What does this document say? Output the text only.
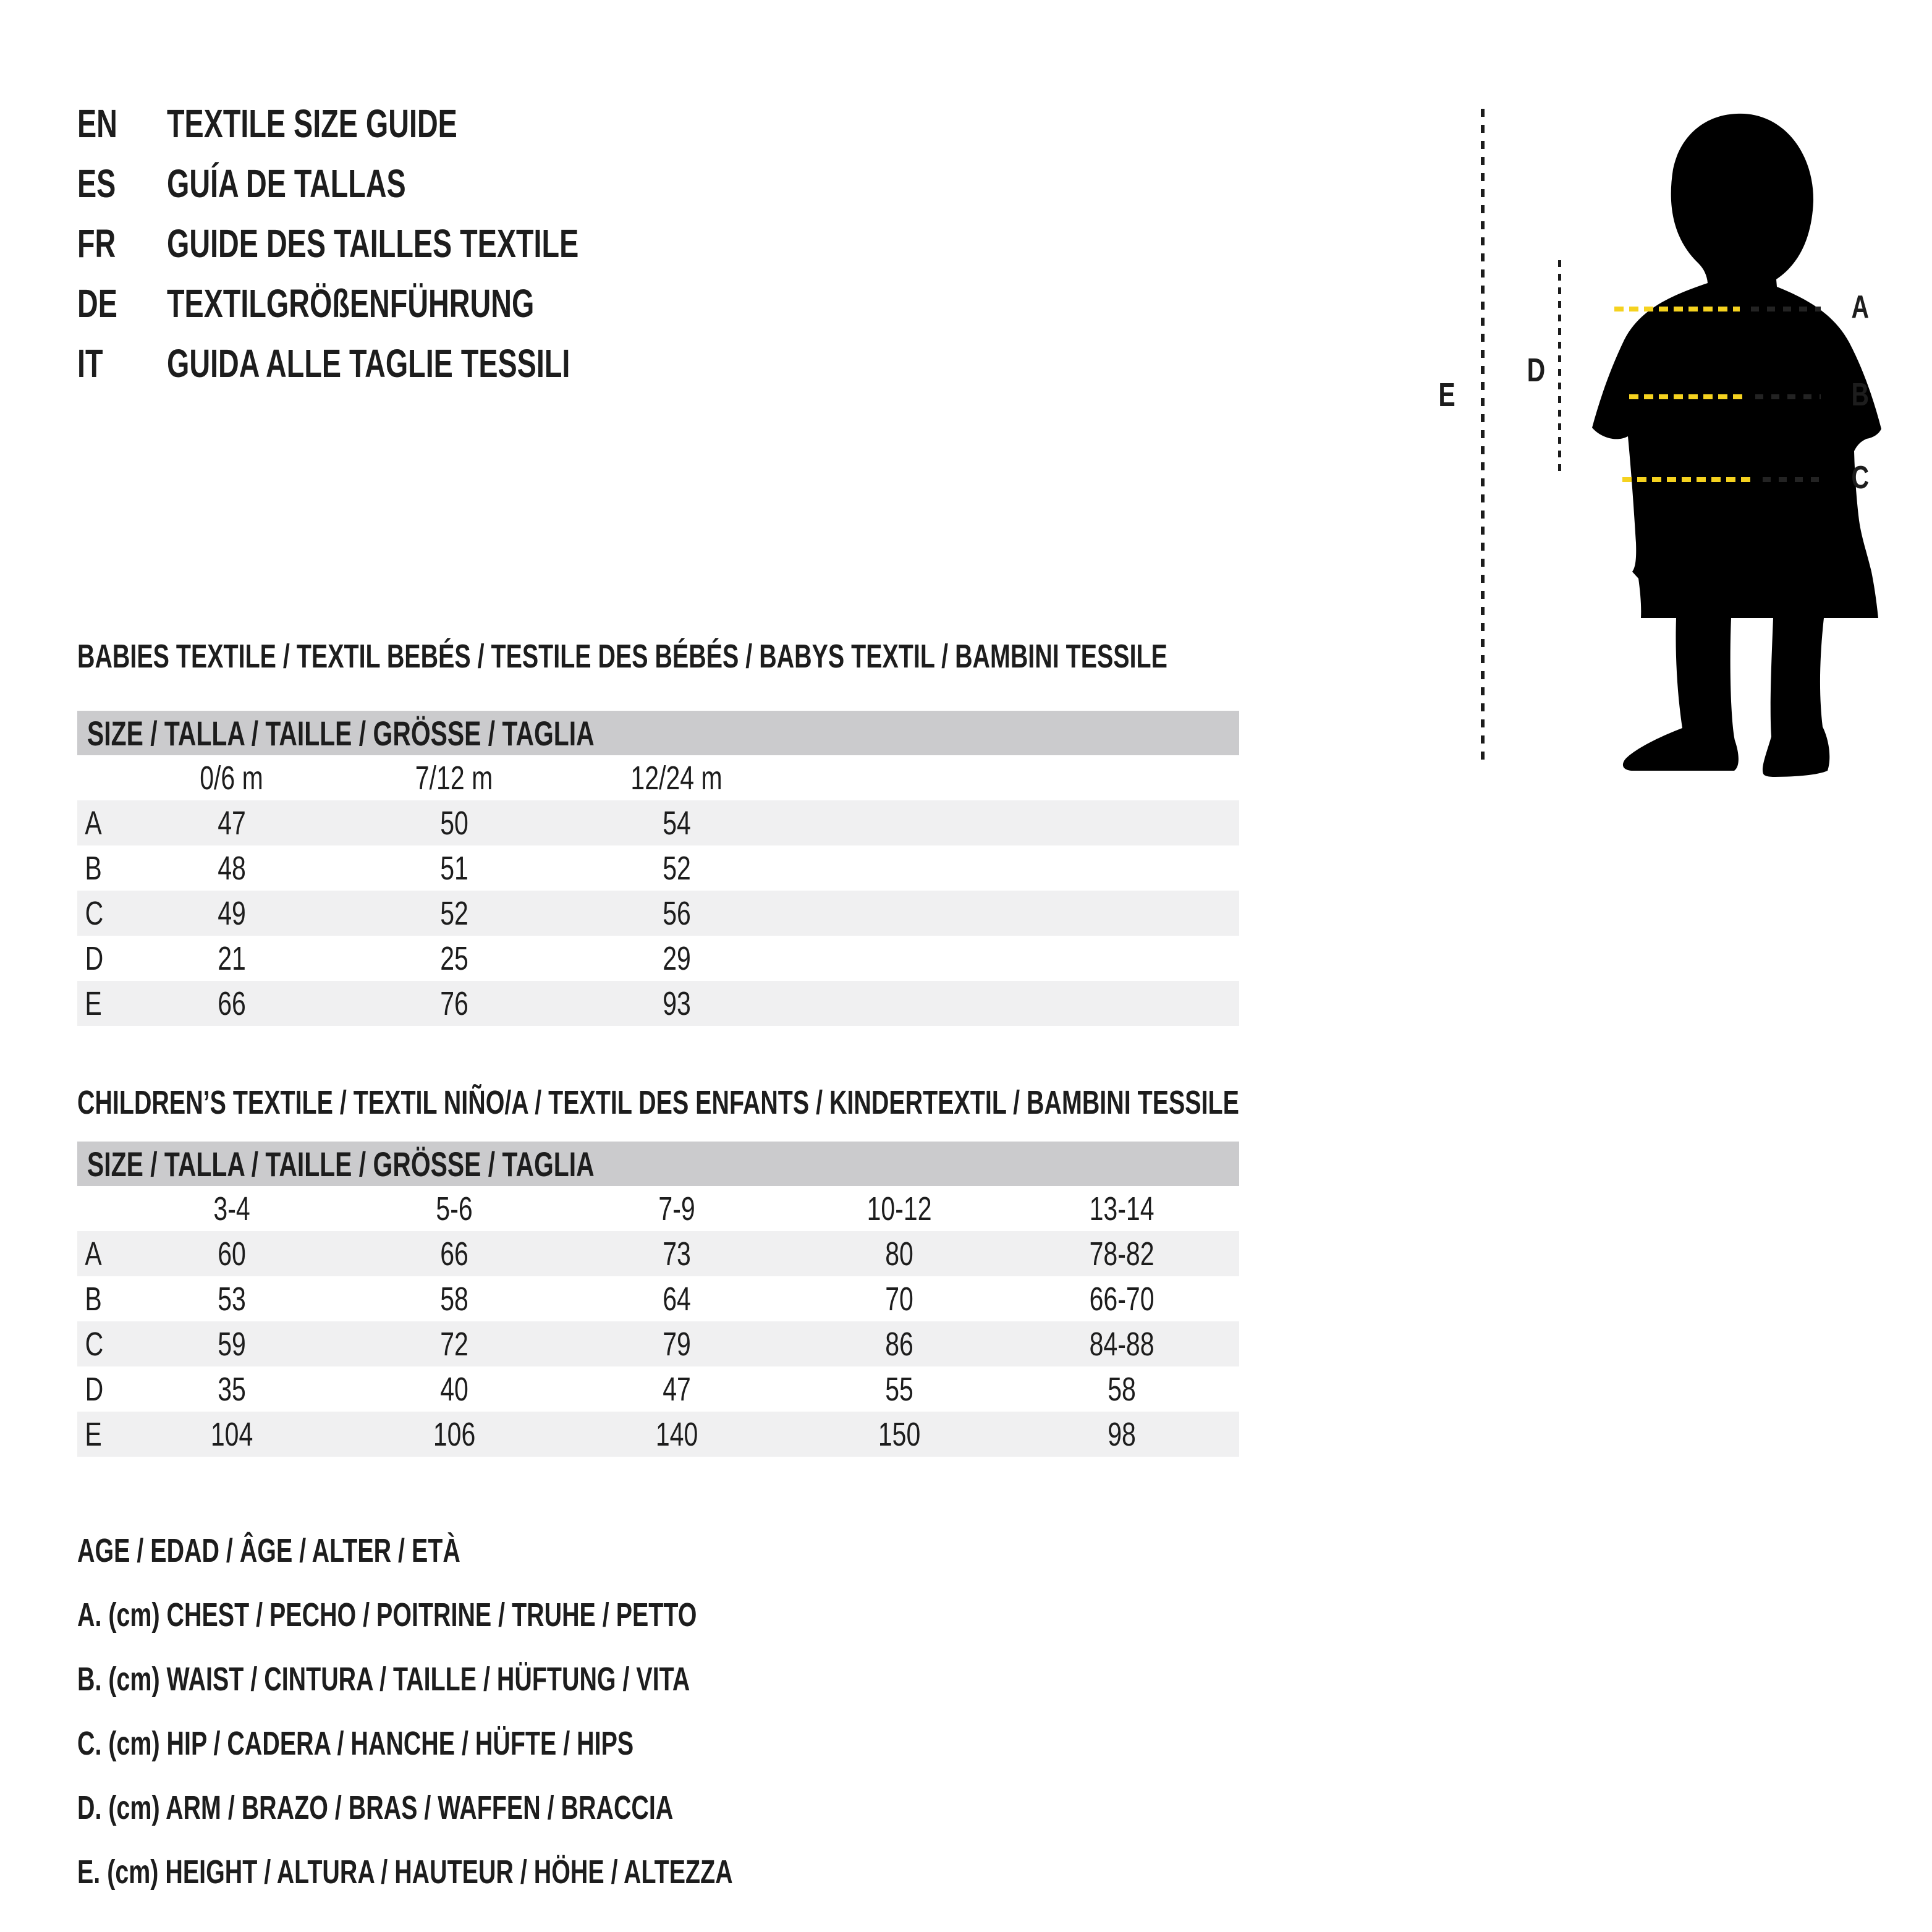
EN	TEXTILE SIZE GUIDE
ES	GUÍA DE TALLAS
FR	GUIDE DES TAILLES TEXTILE
DE	TEXTILGRÖßENFÜHRUNG
IT GUIDA ALLE TAGLIE TESSILI
E
D
A
B
C
BABIES TEXTILE / TEXTIL BEBÉS / TESTILE DES BÉBÉS / BABYS TEXTIL / BAMBINI TESSILE
SIZE / TALLA / TAILLE / GRÖSSE / TAGLIA
0/6 m	7/12 m	12/24 m
A	47	50	54
B	48	51	52
C	49	52	56
D	21	25	29
E	66	76	93
CHILDREN’S TEXTILE / TEXTIL NIÑO/A / TEXTIL DES ENFANTS / KINDERTEXTIL / BAMBINI TESSILE
SIZE / TALLA / TAILLE / GRÖSSE / TAGLIA
3-4	5-6	7-9	10-12	13-14
A	60	66	73	80	78-82
B	53	58	64	70	66-70
C	59	72	79	86	84-88
D	35	40	47	55	58
E	104	106	140	150	98
AGE / EDAD / ÂGE / ALTER / ETÀ
A. (cm) CHEST / PECHO / POITRINE / TRUHE / PETTO
B. (cm) WAIST / CINTURA / TAILLE / HÜFTUNG / VITA
C. (cm) HIP / CADERA / HANCHE / HÜFTE / HIPS
D. (cm) ARM / BRAZO / BRAS / WAFFEN / BRACCIA
E. (cm) HEIGHT / ALTURA / HAUTEUR / HÖHE / ALTEZZA
